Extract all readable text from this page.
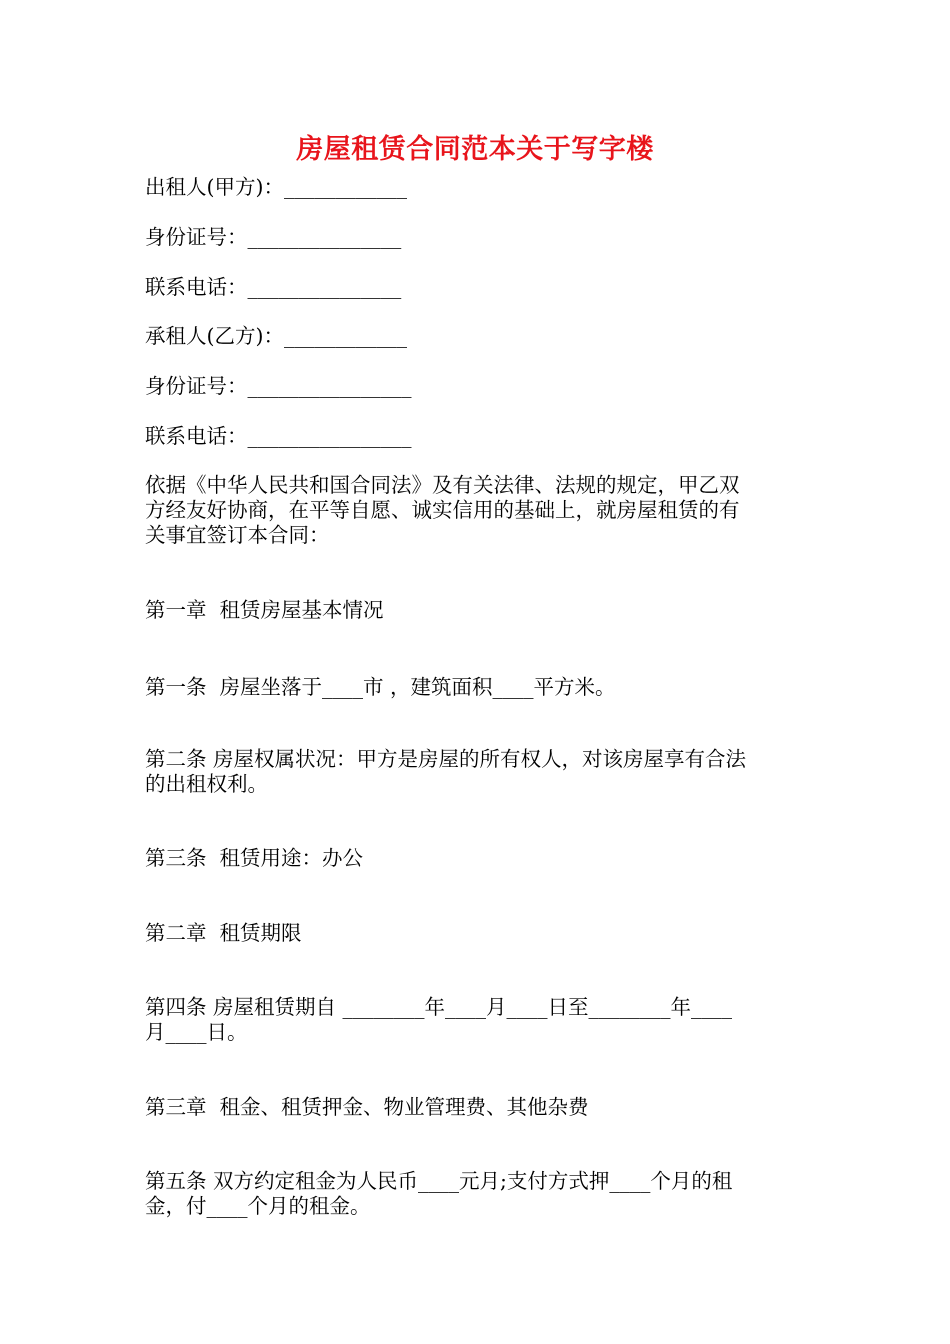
房屋租赁合同范本关于写字楼
出租人(甲方)：____________
身份证号：_______________
联系电话：_______________
承租人(乙方)：____________
身份证号：________________
联系电话：________________
依据《中华人民共和国合同法》及有关法律、法规的规定，甲乙双
方经友好协商，在平等自愿、诚实信用的基础上，就房屋租赁的有
关事宜签订本合同：
第一章  租赁房屋基本情况
第一条  房屋坐落于____市 ，建筑面积____平方米。
第二条 房屋权属状况：甲方是房屋的所有权人，对该房屋享有合法
的出租权利。
第三条  租赁用途：办公
第二章  租赁期限
第四条 房屋租赁期自 ________年____月____日至________年____
月____日。
第三章  租金、租赁押金、物业管理费、其他杂费
第五条 双方约定租金为人民币____元月;支付方式押____个月的租
金，付____个月的租金。
